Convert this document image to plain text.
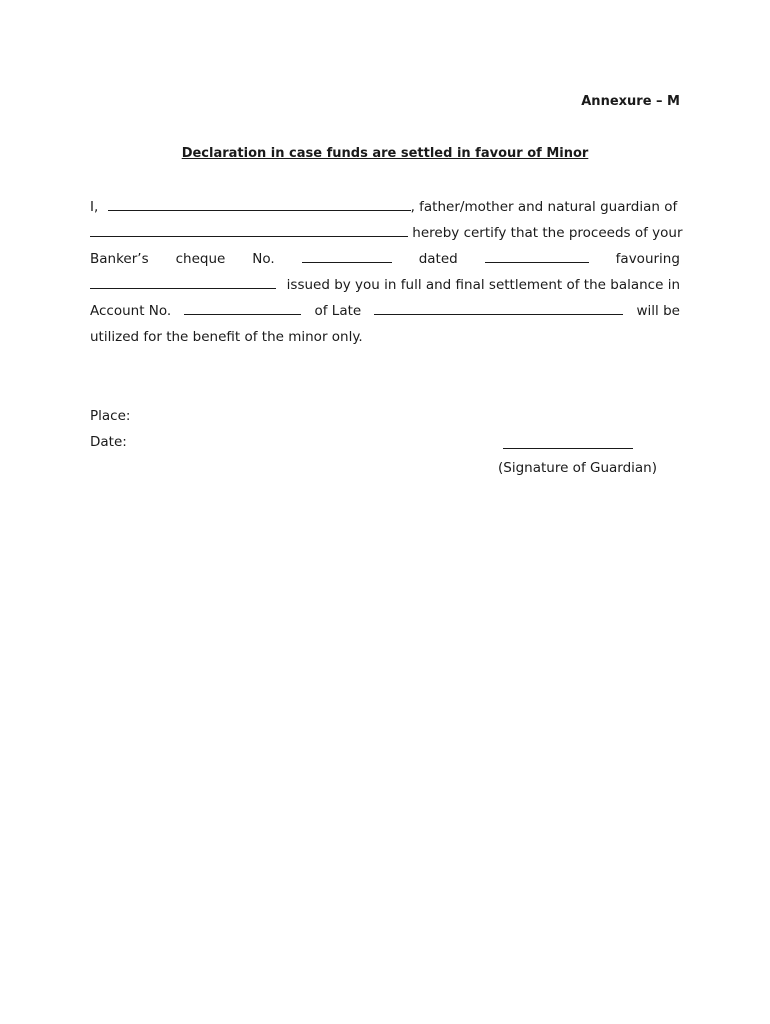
Annexure – M
Declaration in case funds are settled in favour of Minor
I,	, father/mother and natural guardian of
hereby certify that the proceeds of your
Banker’s cheque No.	dated	favouring
issued by you in full and final settlement of the balance in
Account No.	of Late	will be
utilized for the benefit of the minor only.
Place:
Date:
(Signature of Guardian)
